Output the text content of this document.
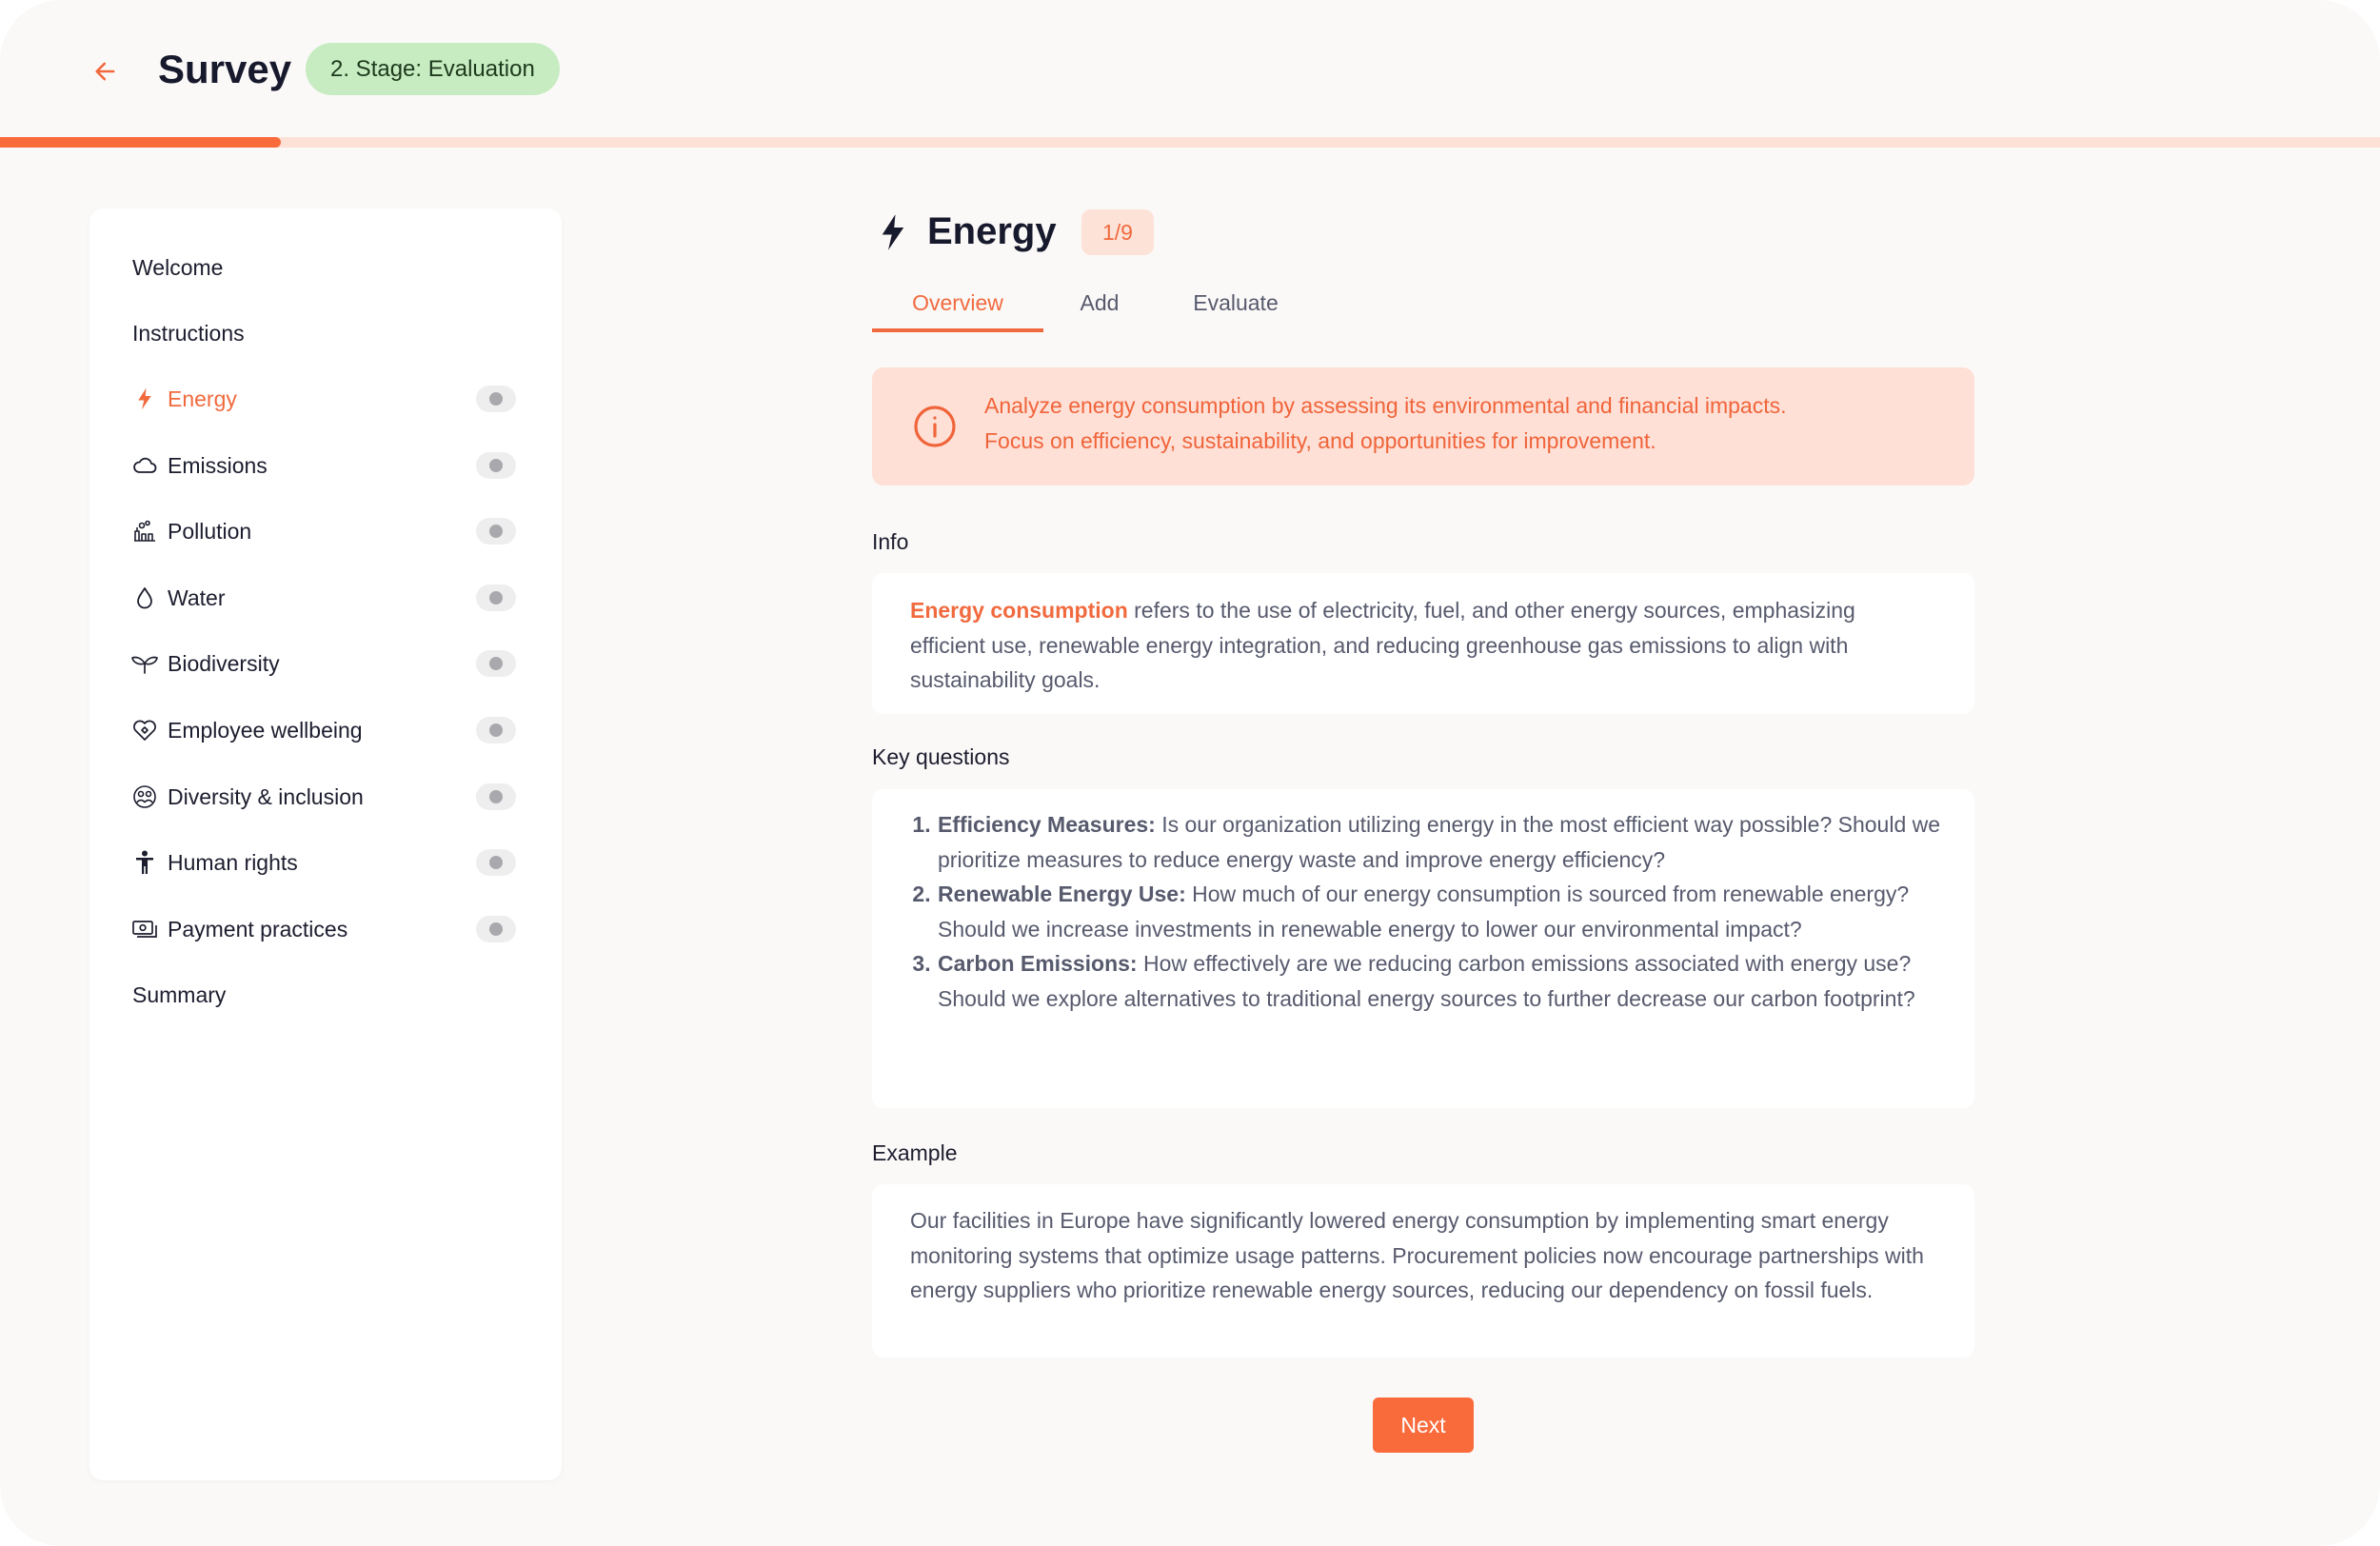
Survey	2. Stage: Evaluation
Welcome
Instructions
Energy
Emissions
Pollution
Water
Biodiversity
Employee wellbeing
Diversity & inclusion
Human rights
Payment practices
Summary
Energy	1/9
Overview	Add	Evaluate
Analyze energy consumption by assessing its environmental and financial impacts.
Focus on efficiency, sustainability, and opportunities for improvement.
Info
Energy consumption refers to the use of electricity, fuel, and other energy sources, emphasizing efficient use, renewable energy integration, and reducing greenhouse gas emissions to align with sustainability goals.
Key questions
1. Efficiency Measures: Is our organization utilizing energy in the most efficient way possible? Should we prioritize measures to reduce energy waste and improve energy efficiency?
2. Renewable Energy Use: How much of our energy consumption is sourced from renewable energy? Should we increase investments in renewable energy to lower our environmental impact?
3. Carbon Emissions: How effectively are we reducing carbon emissions associated with energy use? Should we explore alternatives to traditional energy sources to further decrease our carbon footprint?
Example
Our facilities in Europe have significantly lowered energy consumption by implementing smart energy monitoring systems that optimize usage patterns. Procurement policies now encourage partnerships with energy suppliers who prioritize renewable energy sources, reducing our dependency on fossil fuels.
Next
